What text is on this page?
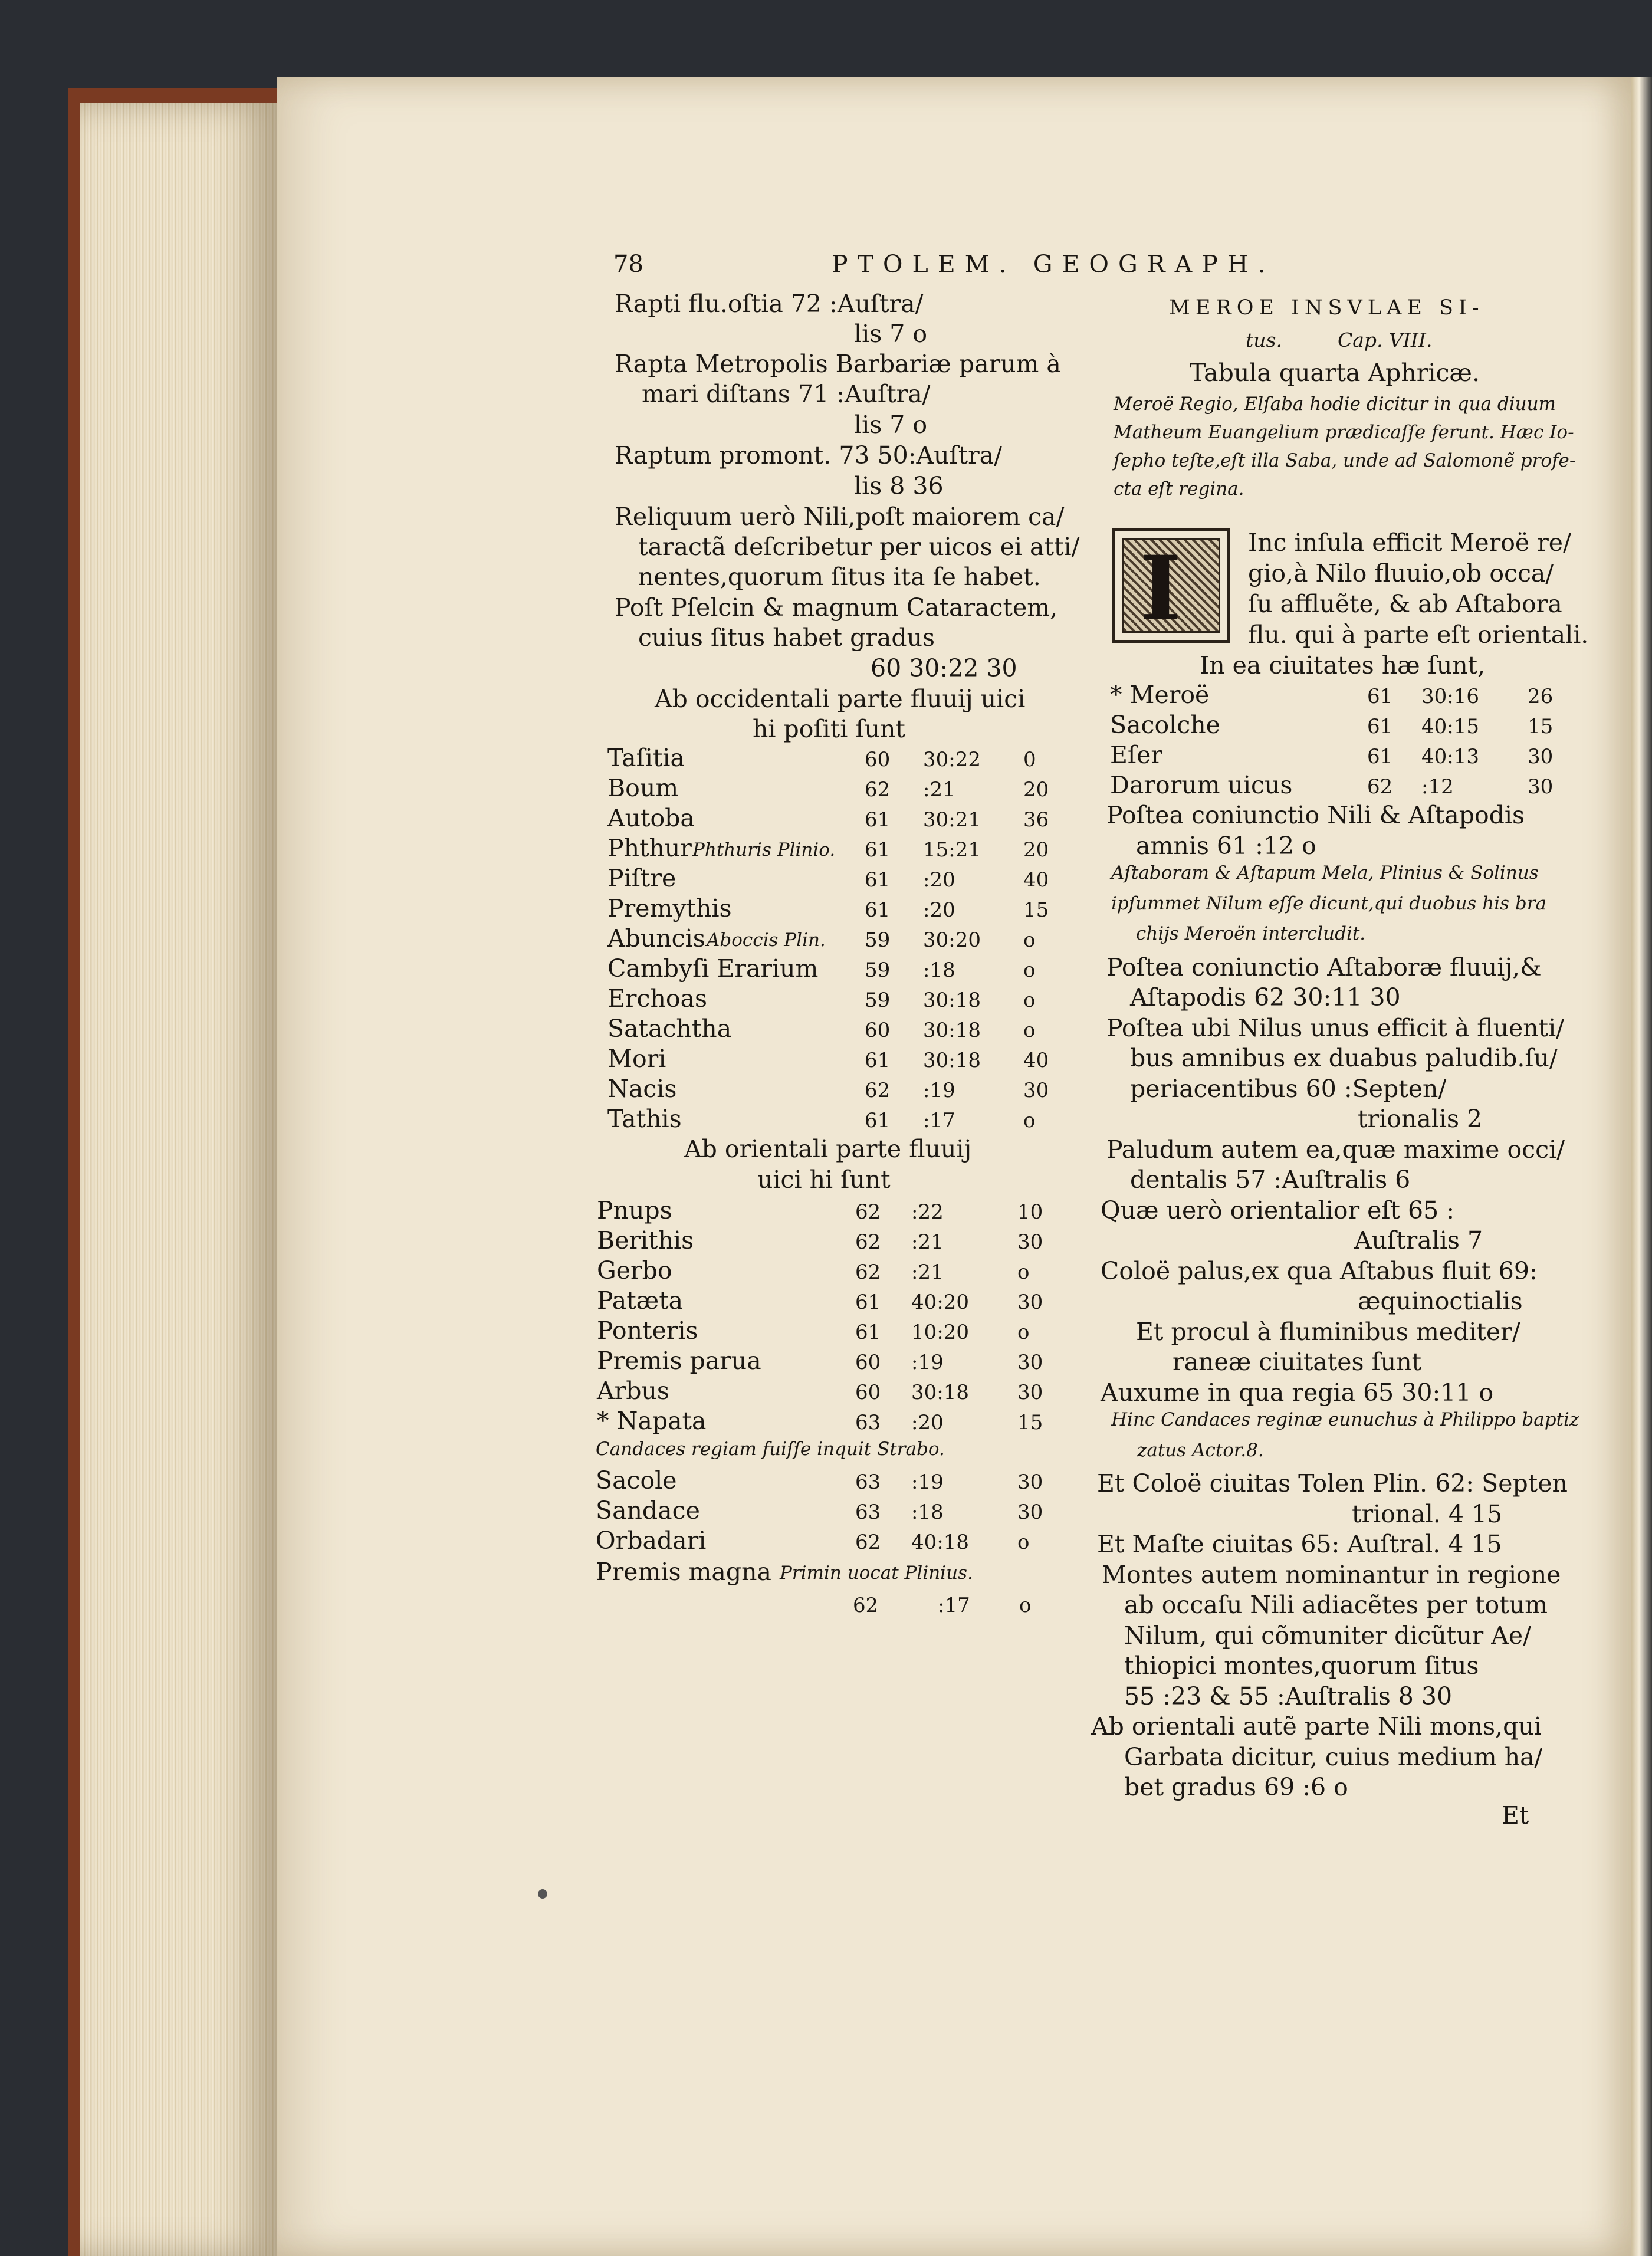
78	PTOLEM. GEOGRAPH.
Rapti flu.oſtia 72 :Auſtra/
lis 7 o
Rapta Metropolis Barbariæ parum à
mari diſtans 71 :Auſtra/
lis 7 o
Raptum promont. 73 50:Auſtra/
lis 8 36
Reliquum uerò Nili,poſt maiorem ca/
taractã deſcribetur per uicos ei atti/
nentes,quorum ſitus ita ſe habet.
Poſt Pſelcin & magnum Cataractem,
cuius ſitus habet gradus
60 30:22 30
Ab occidentali parte fluuij uici
hi poſiti ſunt
Taſitia	60 30:22 0
Boum	62 :21	20
Autoba	61 30:21 36
Phthur Phthuris Plinio. 61 15:21 20
Piſtre	61 :20	40
Premythis	61 :20	15
Abuncis Aboccis Plin. 59 30:20 o
Cambyſi Erarium 59 :18	o
Erchoas	59 30:18 o
Satachtha	60 30:18 o
Mori	61 30:18 40
Nacis	62 :19	30
Tathis	61 :17	o
Ab orientali parte fluuij
uici hi ſunt
Pnups	62 :22	10
Berithis	62 :21	30
Gerbo	62 :21	o
Patæta	61 40:20 30
Ponteris	61 10:20 o
Premis parua	60 :19	30
Arbus	60 30:18 30
* Napata	63 :20	15
Candaces regiam fuiſſe inquit Strabo.
Sacole	63 :19	30
Sandace	63 :18	30
Orbadari	62 40:18 o
Premis magna Primin uocat Plinius.
62	:17 o
MEROE INSVLAE SI-
tus.	Cap. VIII.
Tabula quarta Aphricæ.
Meroë Regio, Elſaba hodie dicitur in qua diuum
Matheum Euangelium prædicaſſe ferunt. Hæc Io-
ſepho teſte,eſt illa Saba, unde ad Salomonẽ profe-
cta eſt regina.
I	Inc inſula efficit Meroë re/
gio,à Nilo fluuio,ob occa/
ſu affluẽte, & ab Aſtabora
flu. qui à parte eſt orientali.
In ea ciuitates hæ ſunt,
* Meroë	61 30:16 26
Sacolche	61 40:15 15
Eſer	61 40:13 30
Darorum uicus	62 :12	30
Poſtea coniunctio Nili & Aſtapodis
amnis 61 :12 o
Aſtaboram & Aſtapum Mela, Plinius & Solinus
ipſummet Nilum eſſe dicunt,qui duobus his bra
chijs Meroën intercludit.
Poſtea coniunctio Aſtaboræ fluuij,&
Aſtapodis 62 30:11 30
Poſtea ubi Nilus unus efficit à fluenti/
bus amnibus ex duabus paludib.ſu/
periacentibus 60 :Septen/
trionalis 2
Paludum autem ea,quæ maxime occi/
dentalis 57 :Auſtralis 6
Quæ uerò orientalior eſt 65 :
Auſtralis 7
Coloë palus,ex qua Aſtabus fluit 69:
æquinoctialis
Et procul à fluminibus mediter/
raneæ ciuitates ſunt
Auxume in qua regia 65 30:11 o
Hinc Candaces reginæ eunuchus à Philippo baptiz
zatus Actor.8.
Et Coloë ciuitas Tolen Plin. 62: Septen
trional. 4 15
Et Maſte ciuitas 65: Auſtral. 4 15
Montes autem nominantur in regione
ab occaſu Nili adiacẽtes per totum
Nilum, qui cõmuniter dicũtur Ae/
thiopici montes,quorum ſitus
55 :23 & 55 :Auſtralis 8 30
Ab orientali autẽ parte Nili mons,qui
Garbata dicitur, cuius medium ha/
bet gradus 69 :6 o
Et
